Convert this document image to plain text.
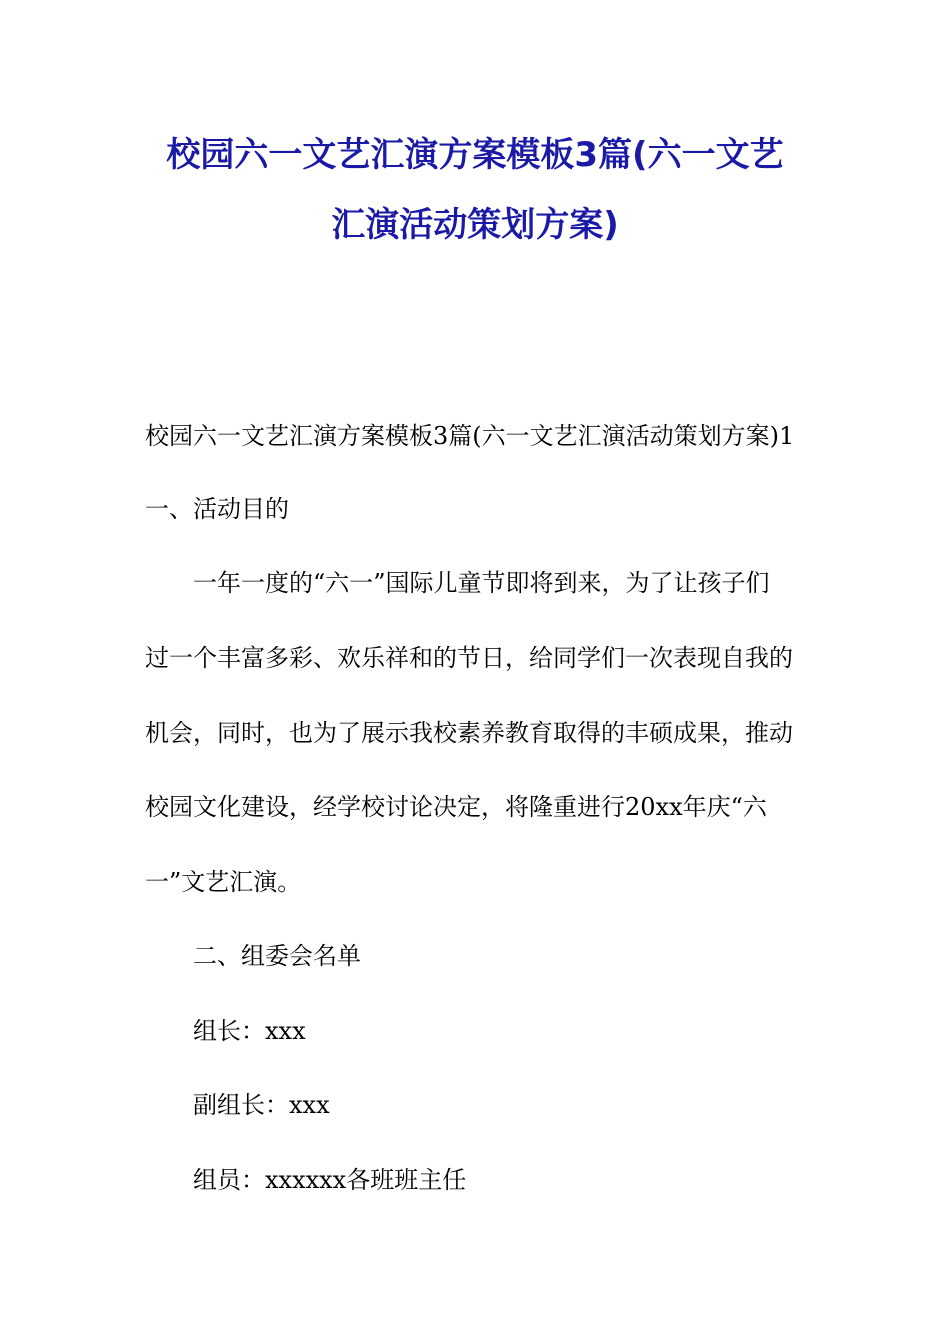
校园六一文艺汇演方案模板3篇(六一文艺
汇演活动策划方案)
校园六一文艺汇演方案模板3篇(六一文艺汇演活动策划方案)1
一、活动目的
一年一度的“六一”国际儿童节即将到来，为了让孩子们
过一个丰富多彩、欢乐祥和的节日，给同学们一次表现自我的
机会，同时，也为了展示我校素养教育取得的丰硕成果，推动
校园文化建设，经学校讨论决定，将隆重进行20xx年庆“六
一”文艺汇演。
二、组委会名单
组长：xxx
副组长：xxx
组员：xxxxxx各班班主任
